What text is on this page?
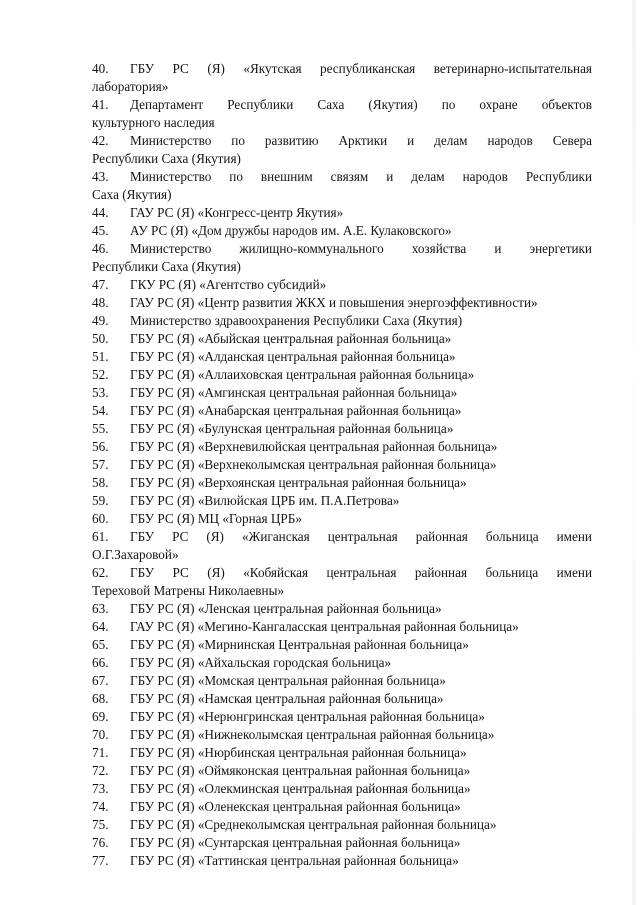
40. ГБУ РС (Я) «Якутская республиканская ветеринарно-испытательная
лаборатория»
41. Департамент Республики Саха (Якутия) по охране объектов
культурного наследия
42. Министерство по развитию Арктики и делам народов Севера
Республики Саха (Якутия)
43. Министерство по внешним связям и делам народов Республики
Саха (Якутия)
44. ГАУ РС (Я) «Конгресс-центр Якутия»
45. АУ РС (Я) «Дом дружбы народов им. А.Е. Кулаковского»
46. Министерство жилищно-коммунального хозяйства и энергетики
Республики Саха (Якутия)
47. ГКУ РС (Я) «Агентство субсидий»
48. ГАУ РС (Я) «Центр развития ЖКХ и повышения энергоэффективности»
49. Министерство здравоохранения Республики Саха (Якутия)
50. ГБУ РС (Я) «Абыйская центральная районная больница»
51. ГБУ РС (Я) «Алданская центральная районная больница»
52. ГБУ РС (Я) «Аллаиховская центральная районная больница»
53. ГБУ РС (Я) «Амгинская центральная районная больница»
54. ГБУ РС (Я) «Анабарская центральная районная больница»
55. ГБУ РС (Я) «Булунская центральная районная больница»
56. ГБУ РС (Я) «Верхневилюйская центральная районная больница»
57. ГБУ РС (Я) «Верхнеколымская центральная районная больница»
58. ГБУ РС (Я) «Верхоянская центральная районная больница»
59. ГБУ РС (Я) «Вилюйская ЦРБ им. П.А.Петрова»
60. ГБУ РС (Я) МЦ «Горная ЦРБ»
61. ГБУ РС (Я) «Жиганская центральная районная больница имени
О.Г.Захаровой»
62. ГБУ РС (Я) «Кобяйская центральная районная больница имени
Тереховой Матрены Николаевны»
63. ГБУ РС (Я) «Ленская центральная районная больница»
64. ГАУ РС (Я) «Мегино-Кангаласская центральная районная больница»
65. ГБУ РС (Я) «Мирнинская Центральная районная больница»
66. ГБУ РС (Я) «Айхальская городская больница»
67. ГБУ РС (Я) «Момская центральная районная больница»
68. ГБУ РС (Я) «Намская центральная районная больница»
69. ГБУ РС (Я) «Нерюнгринская центральная районная больница»
70. ГБУ РС (Я) «Нижнеколымская центральная районная больница»
71. ГБУ РС (Я) «Нюрбинская центральная районная больница»
72. ГБУ РС (Я) «Оймяконская центральная районная больница»
73. ГБУ РС (Я) «Олекминская центральная районная больница»
74. ГБУ РС (Я) «Оленекская центральная районная больница»
75. ГБУ РС (Я) «Среднеколымская центральная районная больница»
76. ГБУ РС (Я) «Сунтарская центральная районная больница»
77. ГБУ РС (Я) «Таттинская центральная районная больница»
